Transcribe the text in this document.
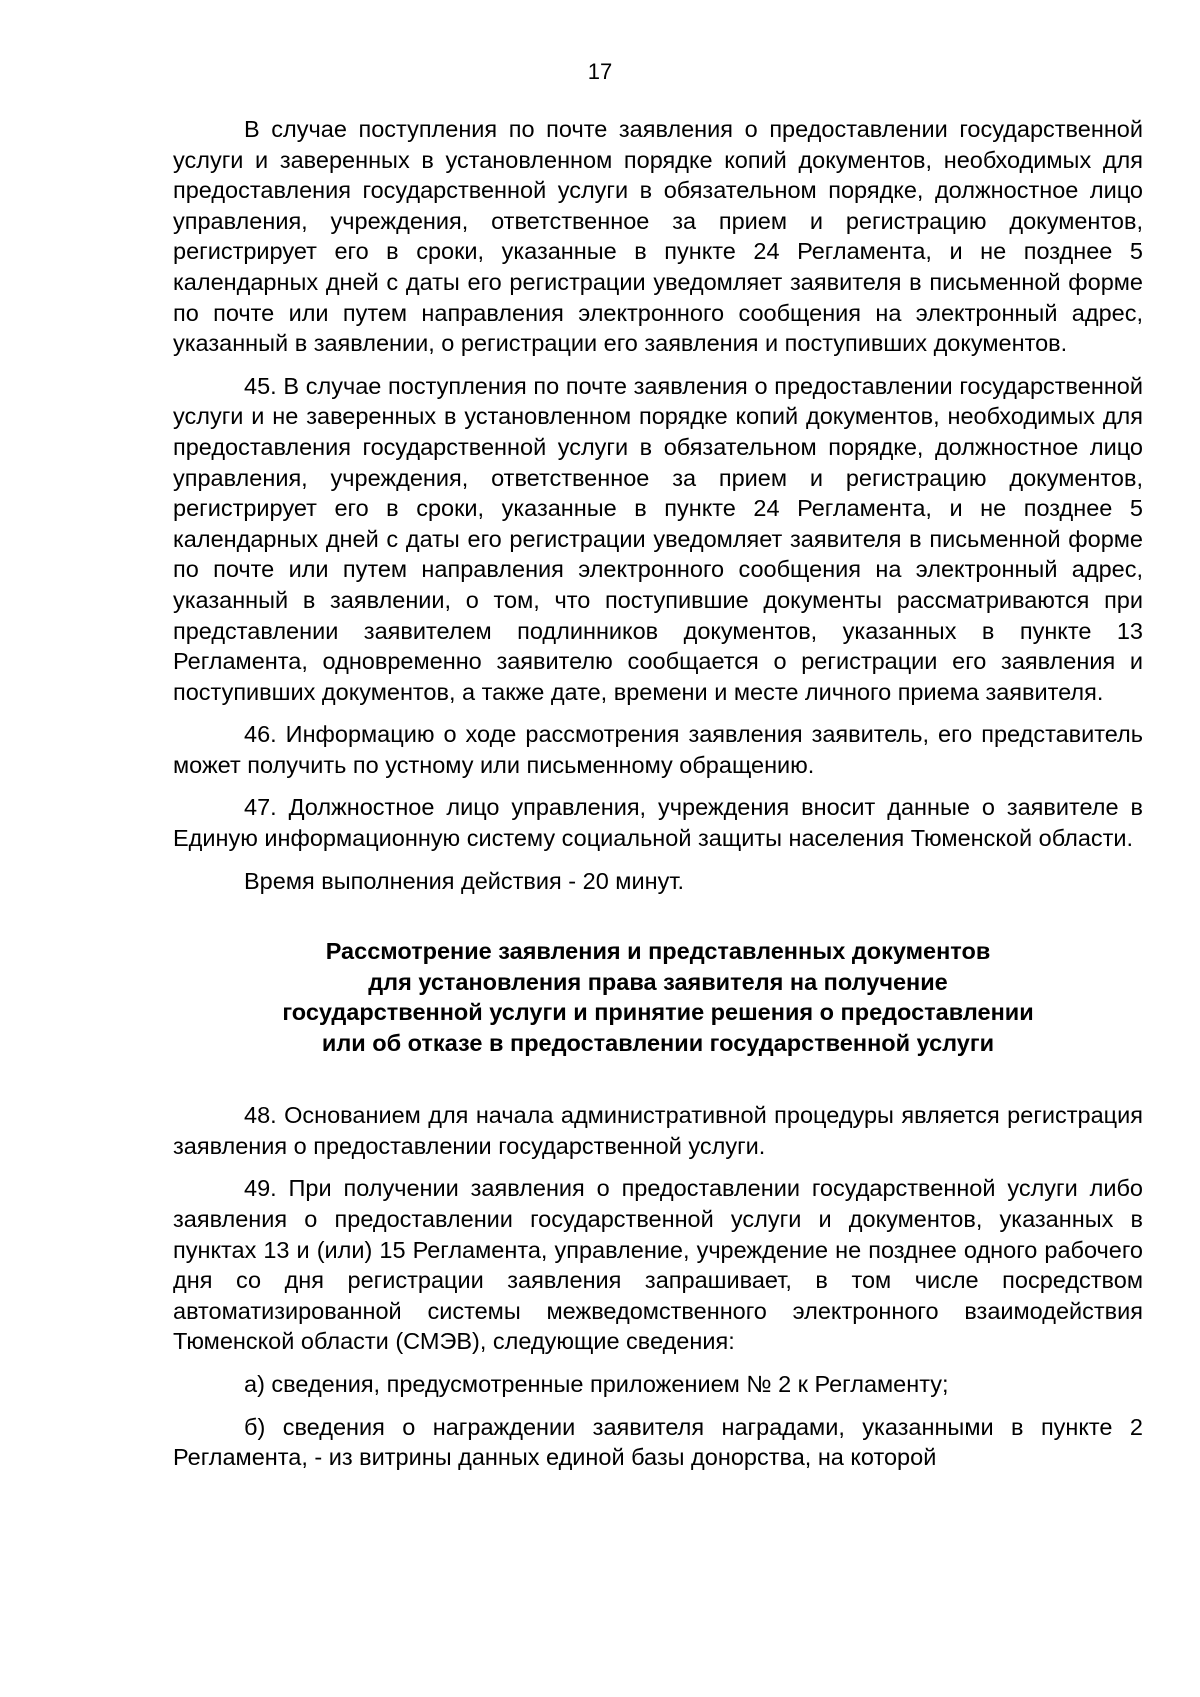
17

В случае поступления по почте заявления о предоставлении государственной услуги и заверенных в установленном порядке копий документов, необходимых для предоставления государственной услуги в обязательном порядке, должностное лицо управления, учреждения, ответственное за прием и регистрацию документов, регистрирует его в сроки, указанные в пункте 24 Регламента, и не позднее 5 календарных дней с даты его регистрации уведомляет заявителя в письменной форме по почте или путем направления электронного сообщения на электронный адрес, указанный в заявлении, о регистрации его заявления и поступивших документов.

45. В случае поступления по почте заявления о предоставлении государственной услуги и не заверенных в установленном порядке копий документов, необходимых для предоставления государственной услуги в обязательном порядке, должностное лицо управления, учреждения, ответственное за прием и регистрацию документов, регистрирует его в сроки, указанные в пункте 24 Регламента, и не позднее 5 календарных дней с даты его регистрации уведомляет заявителя в письменной форме по почте или путем направления электронного сообщения на электронный адрес, указанный в заявлении, о том, что поступившие документы рассматриваются при представлении заявителем подлинников документов, указанных в пункте 13 Регламента, одновременно заявителю сообщается о регистрации его заявления и поступивших документов, а также дате, времени и месте личного приема заявителя.

46. Информацию о ходе рассмотрения заявления заявитель, его представитель может получить по устному или письменному обращению.

47. Должностное лицо управления, учреждения вносит данные о заявителе в Единую информационную систему социальной защиты населения Тюменской области.

Время выполнения действия - 20 минут.

Рассмотрение заявления и представленных документов
для установления права заявителя на получение
государственной услуги и принятие решения о предоставлении
или об отказе в предоставлении государственной услуги

48. Основанием для начала административной процедуры является регистрация заявления о предоставлении государственной услуги.

49. При получении заявления о предоставлении государственной услуги либо заявления о предоставлении государственной услуги и документов, указанных в пунктах 13 и (или) 15 Регламента, управление, учреждение не позднее одного рабочего дня со дня регистрации заявления запрашивает, в том числе посредством автоматизированной системы межведомственного электронного взаимодействия Тюменской области (СМЭВ), следующие сведения:

а) сведения, предусмотренные приложением № 2 к Регламенту;

б) сведения о награждении заявителя наградами, указанными в пункте 2 Регламента, - из витрины данных единой базы донорства, на которой
